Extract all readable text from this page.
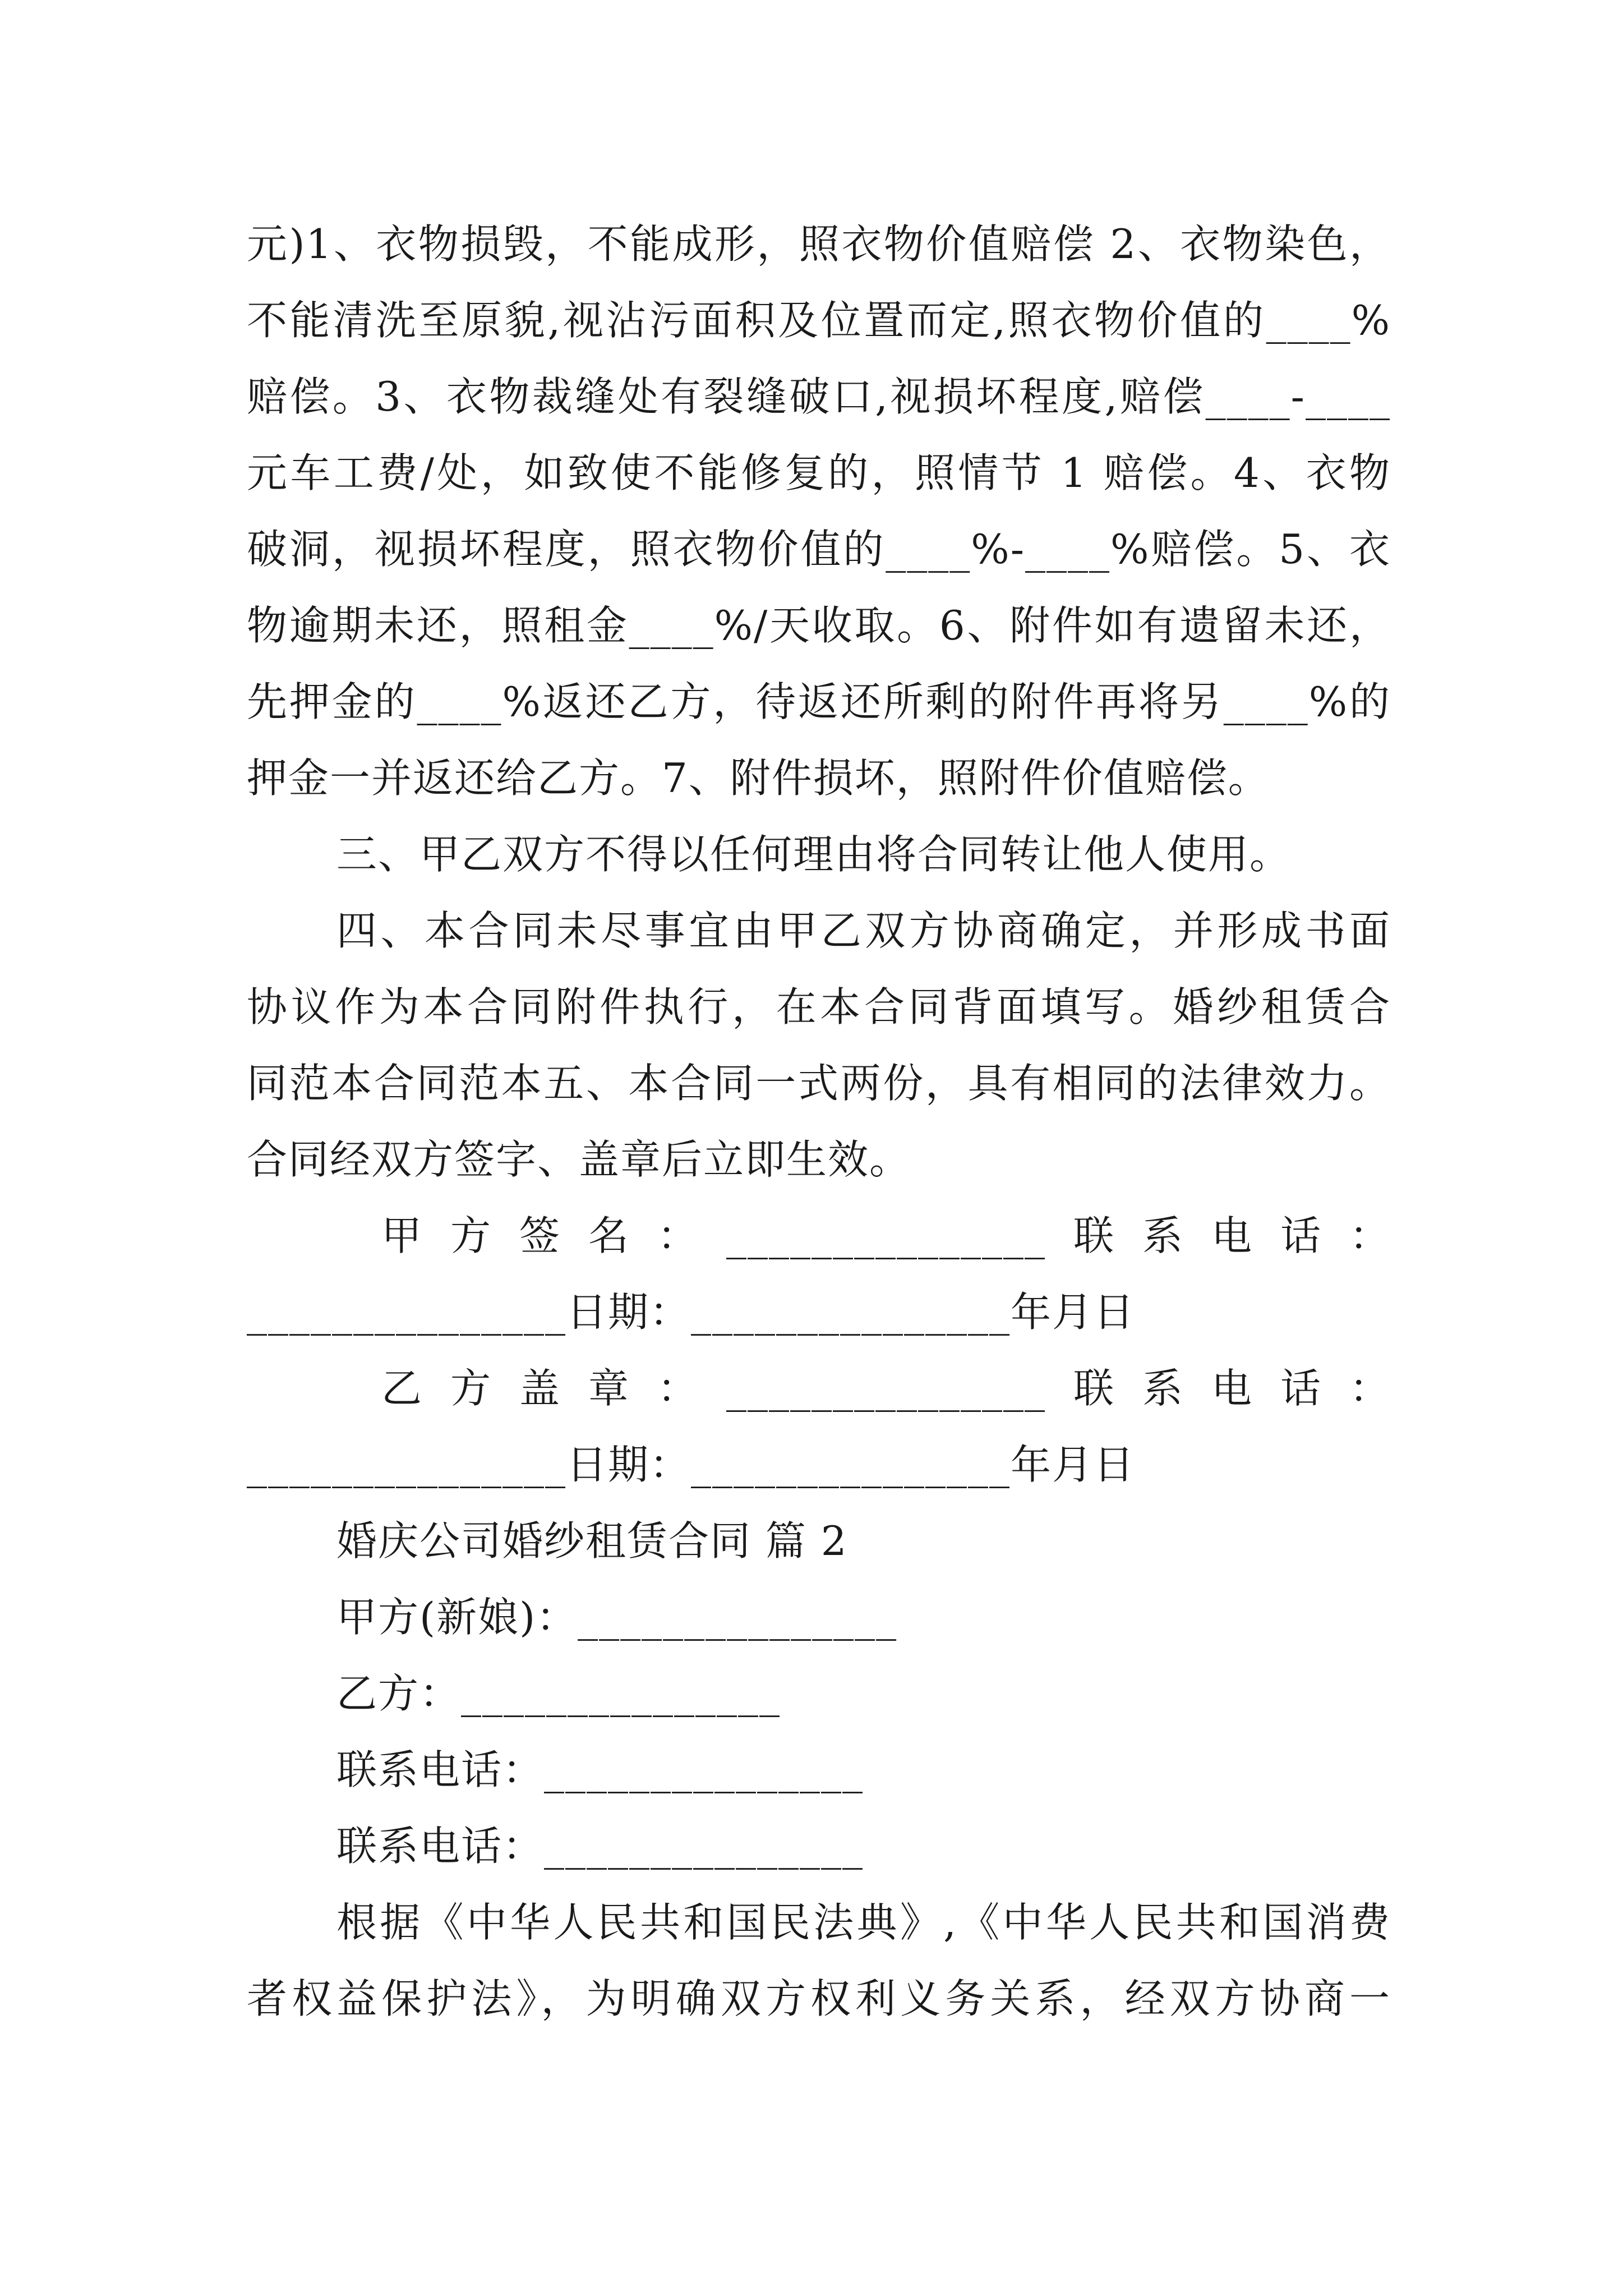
元)1、衣物损毁，不能成形，照衣物价值赔偿 2、衣物染色，
不能清洗至原貌,视沾污面积及位置而定,照衣物价值的____%
赔偿。3、衣物裁缝处有裂缝破口,视损坏程度,赔偿____-____
元车工费/处，如致使不能修复的，照情节 1 赔偿。4、衣物
破洞，视损坏程度，照衣物价值的____%-____%赔偿。5、衣
物逾期未还，照租金____%/天收取。6、附件如有遗留未还，
先押金的____%返还乙方，待返还所剩的附件再将另____%的
押金一并返还给乙方。7、附件损坏，照附件价值赔偿。
三、甲乙双方不得以任何理由将合同转让他人使用。
四、本合同未尽事宜由甲乙双方协商确定，并形成书面
协议作为本合同附件执行，在本合同背面填写。婚纱租赁合
同范本合同范本五、本合同一式两份，具有相同的法律效力。
合同经双方签字、盖章后立即生效。
甲方签名：_______________联系电话：
_______________日期：_______________年月日
乙方盖章：_______________联系电话：
_______________日期：_______________年月日
婚庆公司婚纱租赁合同 篇 2
甲方(新娘)：_______________
乙方：_______________
联系电话：_______________
联系电话：_______________
根据《中华人民共和国民法典》,《中华人民共和国消费
者权益保护法》，为明确双方权利义务关系，经双方协商一
